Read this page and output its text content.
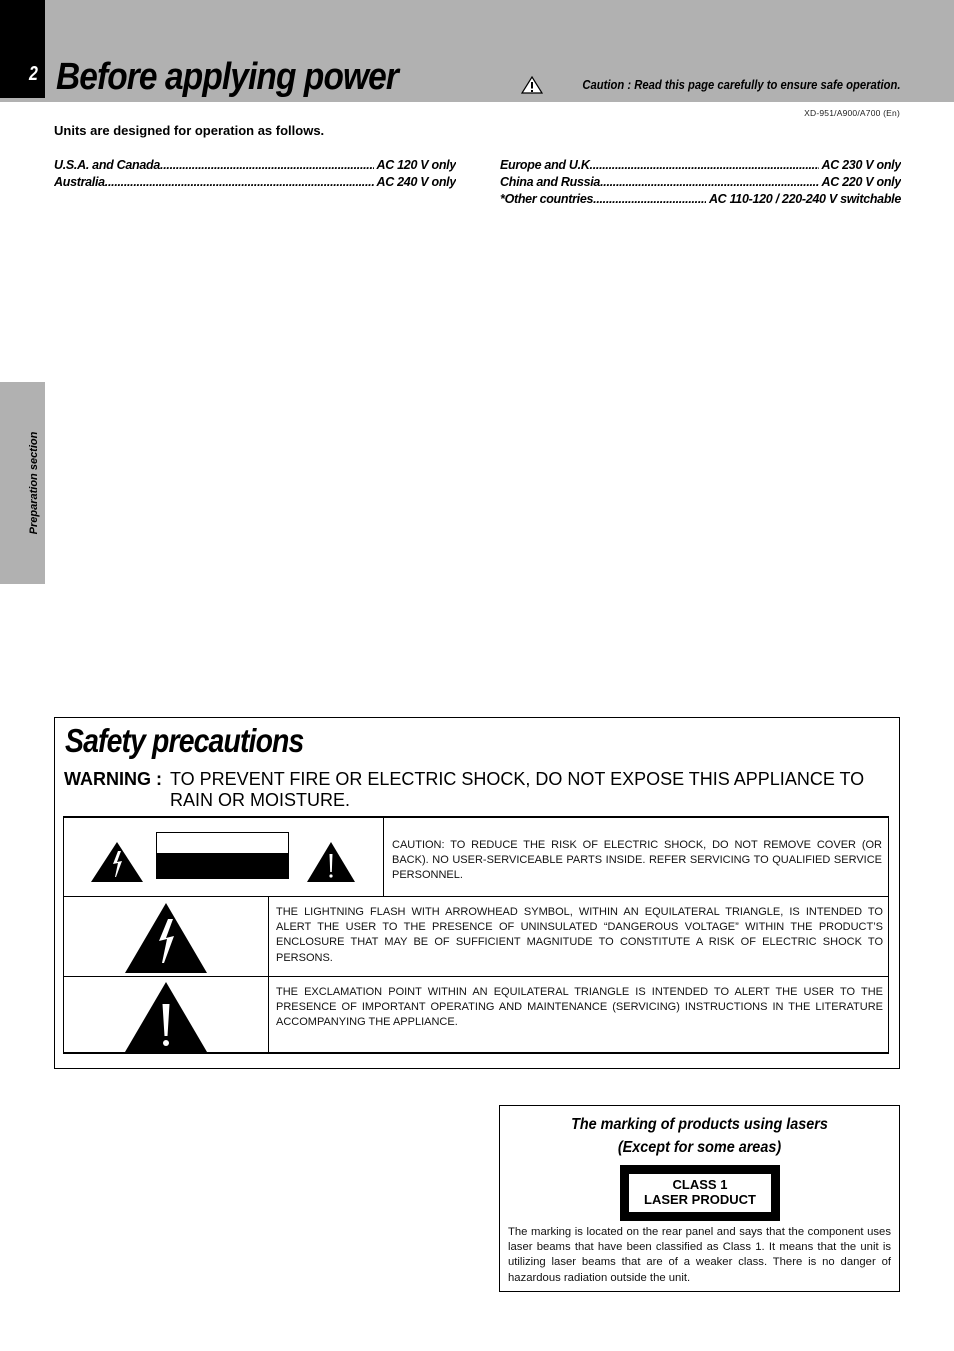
2 Before applying power	Caution : Read this page carefully to ensure safe operation.
XD-951/A900/A700 (En)
Preparation section
Units are designed for operation as follows.
U.S.A. and Canada .....	AC 120 V only
Australia .....	AC 240 V only
Europe and U.K. .....	AC 230 V only
China and Russia .....	AC 220 V only
*Other countries .....	AC 110-120 / 220-240 V switchable
Safety precautions
WARNING : TO PREVENT FIRE OR ELECTRIC SHOCK, DO NOT EXPOSE THIS APPLIANCE TO RAIN OR MOISTURE.
CAUTION: TO REDUCE THE RISK OF ELECTRIC SHOCK, DO NOT REMOVE COVER (OR BACK). NO USER-SERVICEABLE PARTS INSIDE. REFER SERVICING TO QUALIFIED SERVICE PERSONNEL.
THE LIGHTNING FLASH WITH ARROWHEAD SYMBOL, WITHIN AN EQUILATERAL TRIANGLE, IS INTENDED TO ALERT THE USER TO THE PRESENCE OF UNINSULATED “DANGEROUS VOLTAGE” WITHIN THE PRODUCT’S ENCLOSURE THAT MAY BE OF SUFFICIENT MAGNITUDE TO CONSTITUTE A RISK OF ELECTRIC SHOCK TO PERSONS.
THE EXCLAMATION POINT WITHIN AN EQUILATERAL TRIANGLE IS INTENDED TO ALERT THE USER TO THE PRESENCE OF IMPORTANT OPERATING AND MAINTENANCE (SERVICING) INSTRUCTIONS IN THE LITERATURE ACCOMPANYING THE APPLIANCE.
The marking of products using lasers
(Except for some areas)
CLASS 1
LASER PRODUCT
The marking is located on the rear panel and says that the component uses laser beams that have been classified as Class 1. It means that the unit is utilizing laser beams that are of a weaker class. There is no danger of hazardous radiation outside the unit.
